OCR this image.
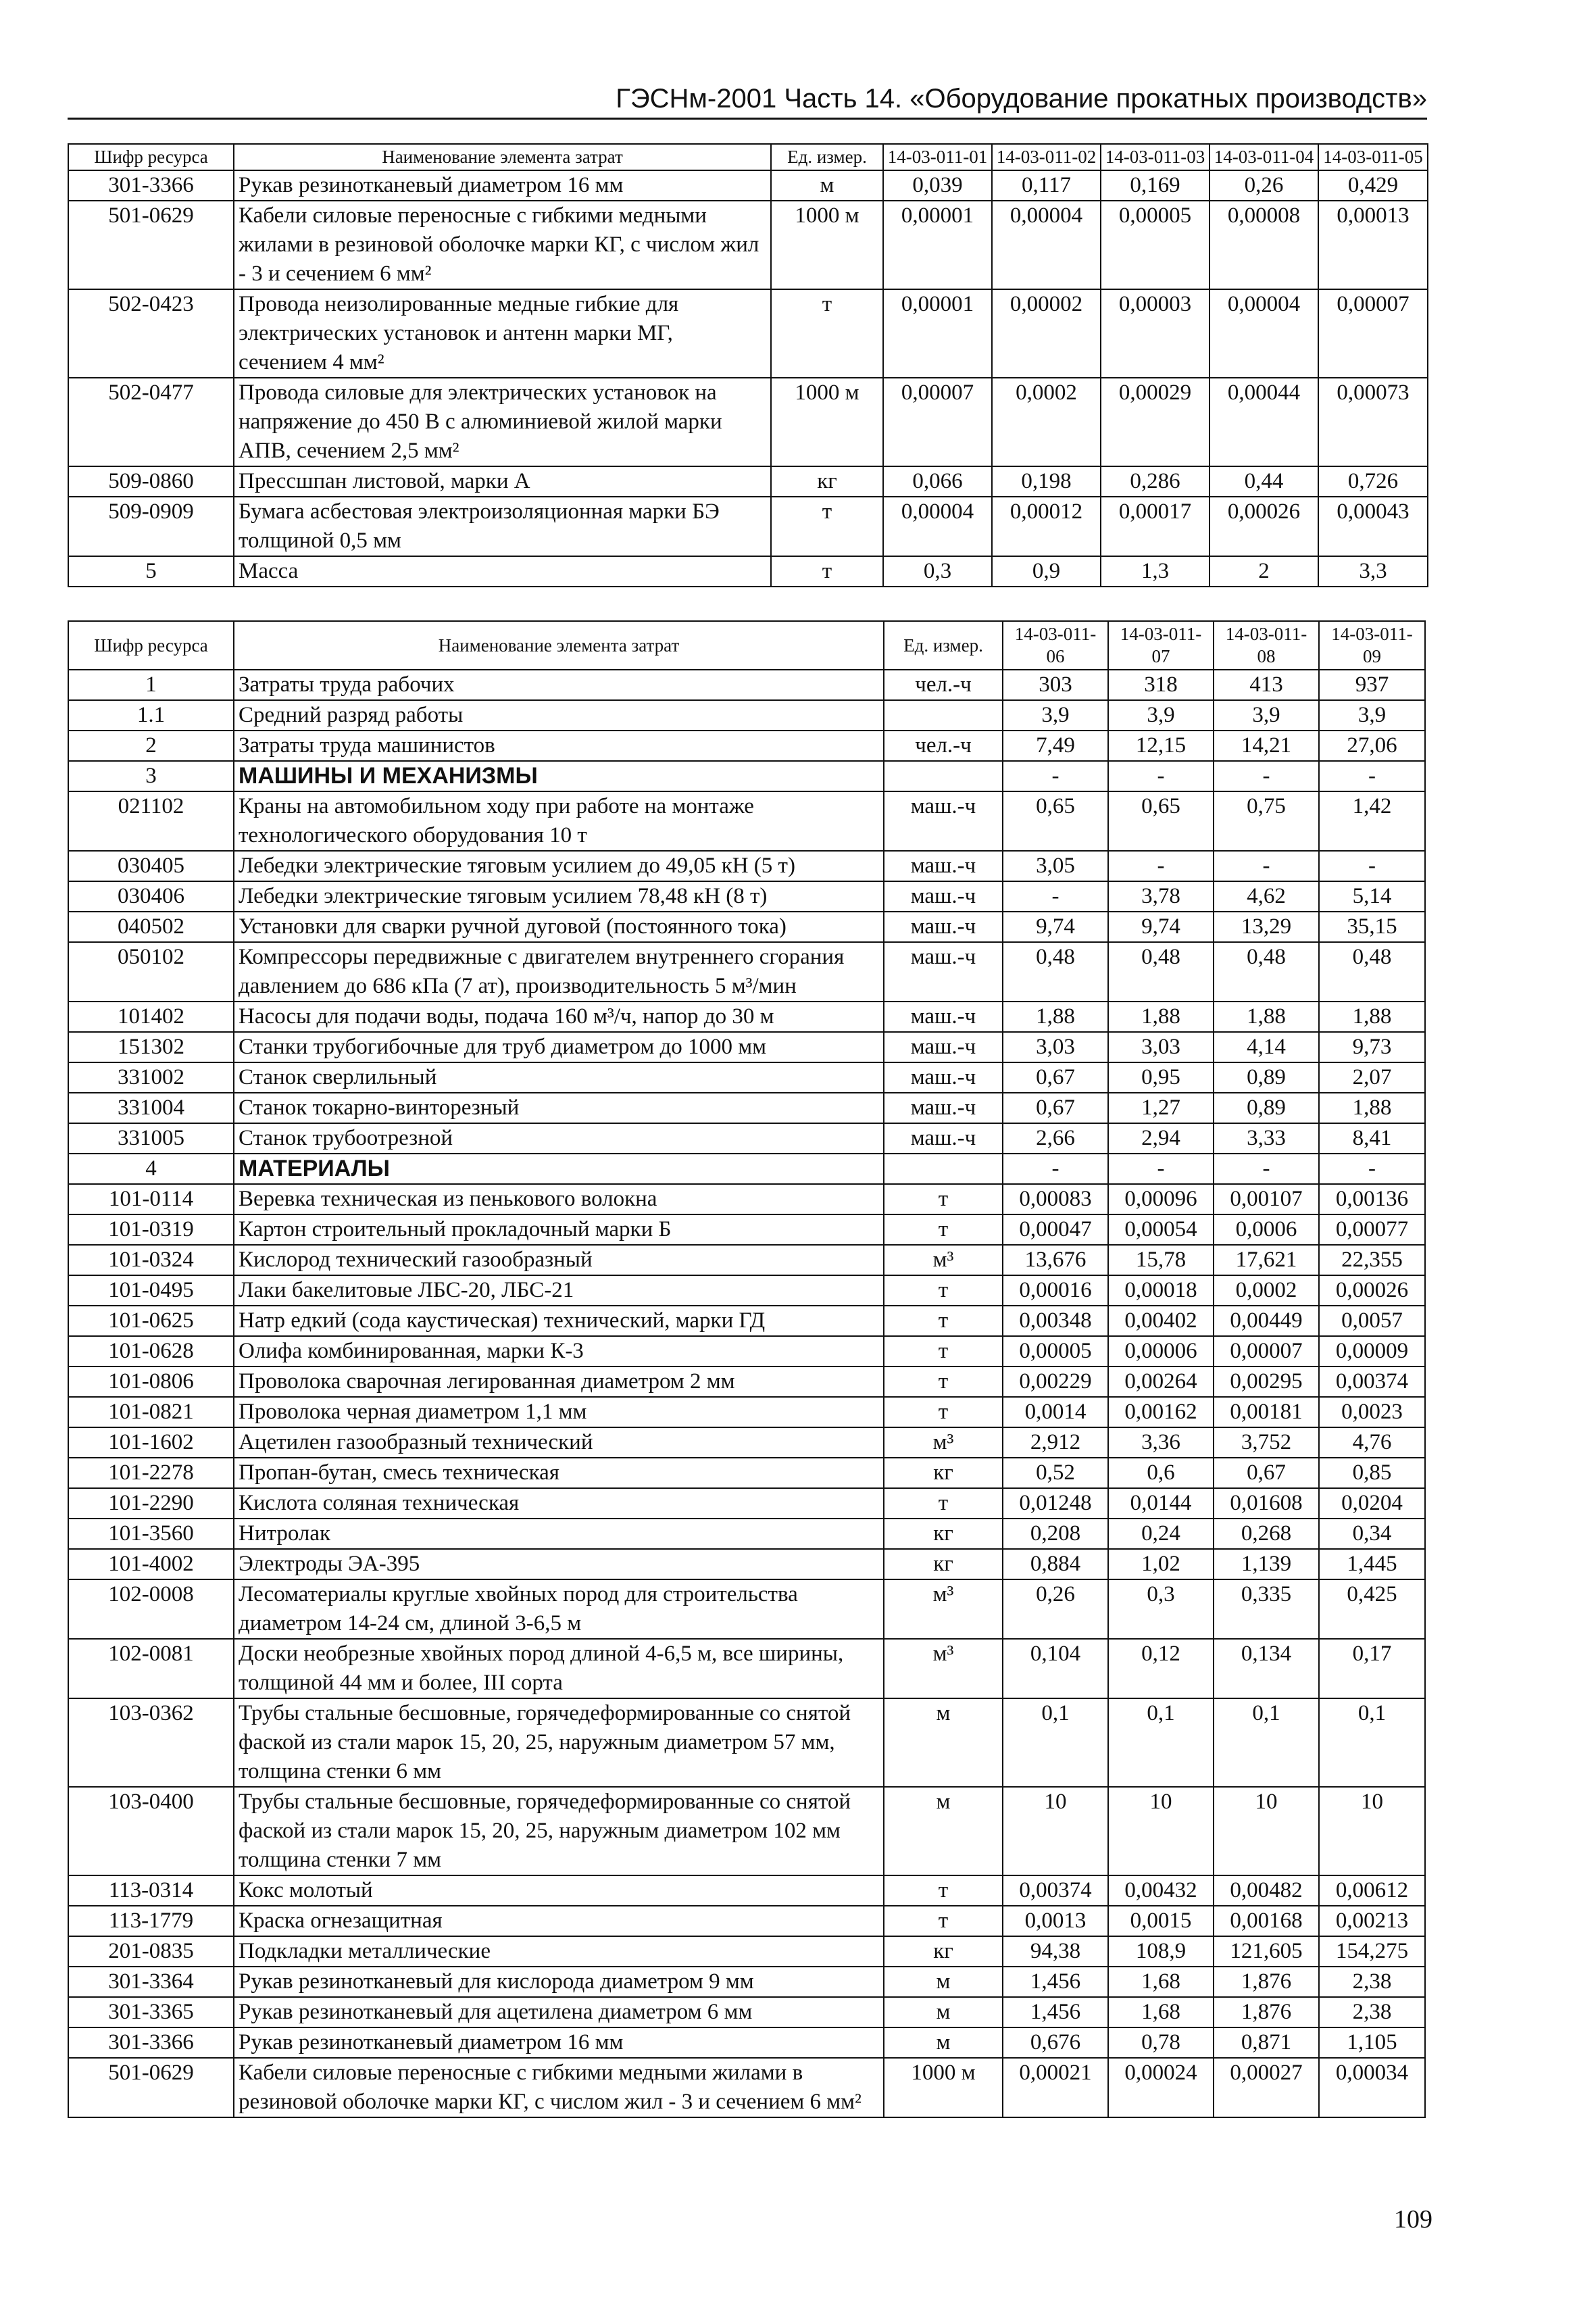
ГЭСНм-2001 Часть 14. «Оборудование прокатных производств»
Шифр ресурса	Наименование элемента затрат	Ед. измер.	14-03-011-01	14-03-011-02	14-03-011-03	14-03-011-04	14-03-011-05
301-3366	Рукав резинотканевый диаметром 16 мм	м	0,039	0,117	0,169	0,26	0,429
501-0629	Кабели силовые переносные с гибкими медными жилами в резиновой оболочке марки КГ, с числом жил - 3 и сечением 6 мм²	1000 м	0,00001	0,00004	0,00005	0,00008	0,00013
502-0423	Провода неизолированные медные гибкие для электрических установок и антенн марки МГ, сечением 4 мм²	т	0,00001	0,00002	0,00003	0,00004	0,00007
502-0477	Провода силовые для электрических установок на напряжение до 450 В с алюминиевой жилой марки АПВ, сечением 2,5 мм²	1000 м	0,00007	0,0002	0,00029	0,00044	0,00073
509-0860	Прессшпан листовой, марки А	кг	0,066	0,198	0,286	0,44	0,726
509-0909	Бумага асбестовая электроизоляционная марки БЭ толщиной 0,5 мм	т	0,00004	0,00012	0,00017	0,00026	0,00043
5	Масса	т	0,3	0,9	1,3	2	3,3
Шифр ресурса	Наименование элемента затрат	Ед. измер.	14-03-011-06	14-03-011-07	14-03-011-08	14-03-011-09
1	Затраты труда рабочих	чел.-ч	303	318	413	937
1.1	Средний разряд работы		3,9	3,9	3,9	3,9
2	Затраты труда машинистов	чел.-ч	7,49	12,15	14,21	27,06
3	МАШИНЫ И МЕХАНИЗМЫ		-	-	-	-
021102	Краны на автомобильном ходу при работе на монтаже технологического оборудования 10 т	маш.-ч	0,65	0,65	0,75	1,42
030405	Лебедки электрические тяговым усилием до 49,05 кН (5 т)	маш.-ч	3,05	-	-	-
030406	Лебедки электрические тяговым усилием 78,48 кН (8 т)	маш.-ч	-	3,78	4,62	5,14
040502	Установки для сварки ручной дуговой (постоянного тока)	маш.-ч	9,74	9,74	13,29	35,15
050102	Компрессоры передвижные с двигателем внутреннего сгорания давлением до 686 кПа (7 ат), производительность 5 м³/мин	маш.-ч	0,48	0,48	0,48	0,48
101402	Насосы для подачи воды, подача 160 м³/ч, напор до 30 м	маш.-ч	1,88	1,88	1,88	1,88
151302	Станки трубогибочные для труб диаметром до 1000 мм	маш.-ч	3,03	3,03	4,14	9,73
331002	Станок сверлильный	маш.-ч	0,67	0,95	0,89	2,07
331004	Станок токарно-винторезный	маш.-ч	0,67	1,27	0,89	1,88
331005	Станок трубоотрезной	маш.-ч	2,66	2,94	3,33	8,41
4	МАТЕРИАЛЫ		-	-	-	-
101-0114	Веревка техническая из пенькового волокна	т	0,00083	0,00096	0,00107	0,00136
101-0319	Картон строительный прокладочный марки Б	т	0,00047	0,00054	0,0006	0,00077
101-0324	Кислород технический газообразный	м³	13,676	15,78	17,621	22,355
101-0495	Лаки бакелитовые ЛБС-20, ЛБС-21	т	0,00016	0,00018	0,0002	0,00026
101-0625	Натр едкий (сода каустическая) технический, марки ГД	т	0,00348	0,00402	0,00449	0,0057
101-0628	Олифа комбинированная, марки К-3	т	0,00005	0,00006	0,00007	0,00009
101-0806	Проволока сварочная легированная диаметром 2 мм	т	0,00229	0,00264	0,00295	0,00374
101-0821	Проволока черная диаметром 1,1 мм	т	0,0014	0,00162	0,00181	0,0023
101-1602	Ацетилен газообразный технический	м³	2,912	3,36	3,752	4,76
101-2278	Пропан-бутан, смесь техническая	кг	0,52	0,6	0,67	0,85
101-2290	Кислота соляная техническая	т	0,01248	0,0144	0,01608	0,0204
101-3560	Нитролак	кг	0,208	0,24	0,268	0,34
101-4002	Электроды ЭА-395	кг	0,884	1,02	1,139	1,445
102-0008	Лесоматериалы круглые хвойных пород для строительства диаметром 14-24 см, длиной 3-6,5 м	м³	0,26	0,3	0,335	0,425
102-0081	Доски необрезные хвойных пород длиной 4-6,5 м, все ширины, толщиной 44 мм и более, III сорта	м³	0,104	0,12	0,134	0,17
103-0362	Трубы стальные бесшовные, горячедеформированные со снятой фаской из стали марок 15, 20, 25, наружным диаметром 57 мм, толщина стенки 6 мм	м	0,1	0,1	0,1	0,1
103-0400	Трубы стальные бесшовные, горячедеформированные со снятой фаской из стали марок 15, 20, 25, наружным диаметром 102 мм толщина стенки 7 мм	м	10	10	10	10
113-0314	Кокс молотый	т	0,00374	0,00432	0,00482	0,00612
113-1779	Краска огнезащитная	т	0,0013	0,0015	0,00168	0,00213
201-0835	Подкладки металлические	кг	94,38	108,9	121,605	154,275
301-3364	Рукав резинотканевый для кислорода диаметром 9 мм	м	1,456	1,68	1,876	2,38
301-3365	Рукав резинотканевый для ацетилена диаметром 6 мм	м	1,456	1,68	1,876	2,38
301-3366	Рукав резинотканевый диаметром 16 мм	м	0,676	0,78	0,871	1,105
501-0629	Кабели силовые переносные с гибкими медными жилами в резиновой оболочке марки КГ, с числом жил - 3 и сечением 6 мм²	1000 м	0,00021	0,00024	0,00027	0,00034
109
